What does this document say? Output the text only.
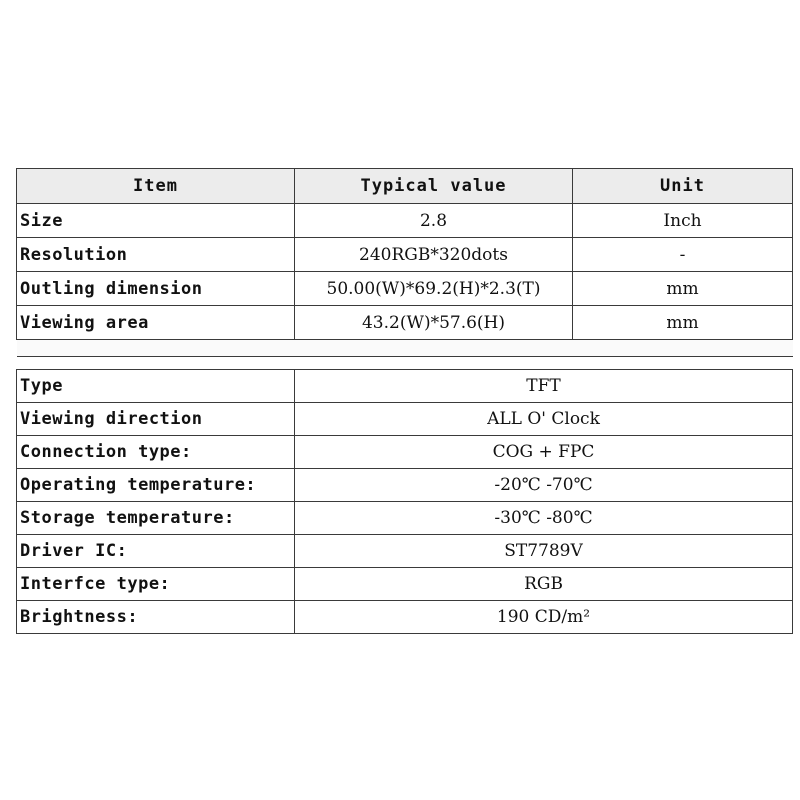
Item	Typical value	Unit
Size	2.8	Inch
Resolution	240RGB*320dots	-
Outling dimension	50.00(W)*69.2(H)*2.3(T)	mm
Viewing area	43.2(W)*57.6(H)	mm

Type	TFT
Viewing direction	ALL O' Clock
Connection type:	COG + FPC
Operating temperature:	-20℃ -70℃
Storage temperature:	-30℃ -80℃
Driver IC:	ST7789V
Interfce type:	RGB
Brightness:	190 CD/m²
